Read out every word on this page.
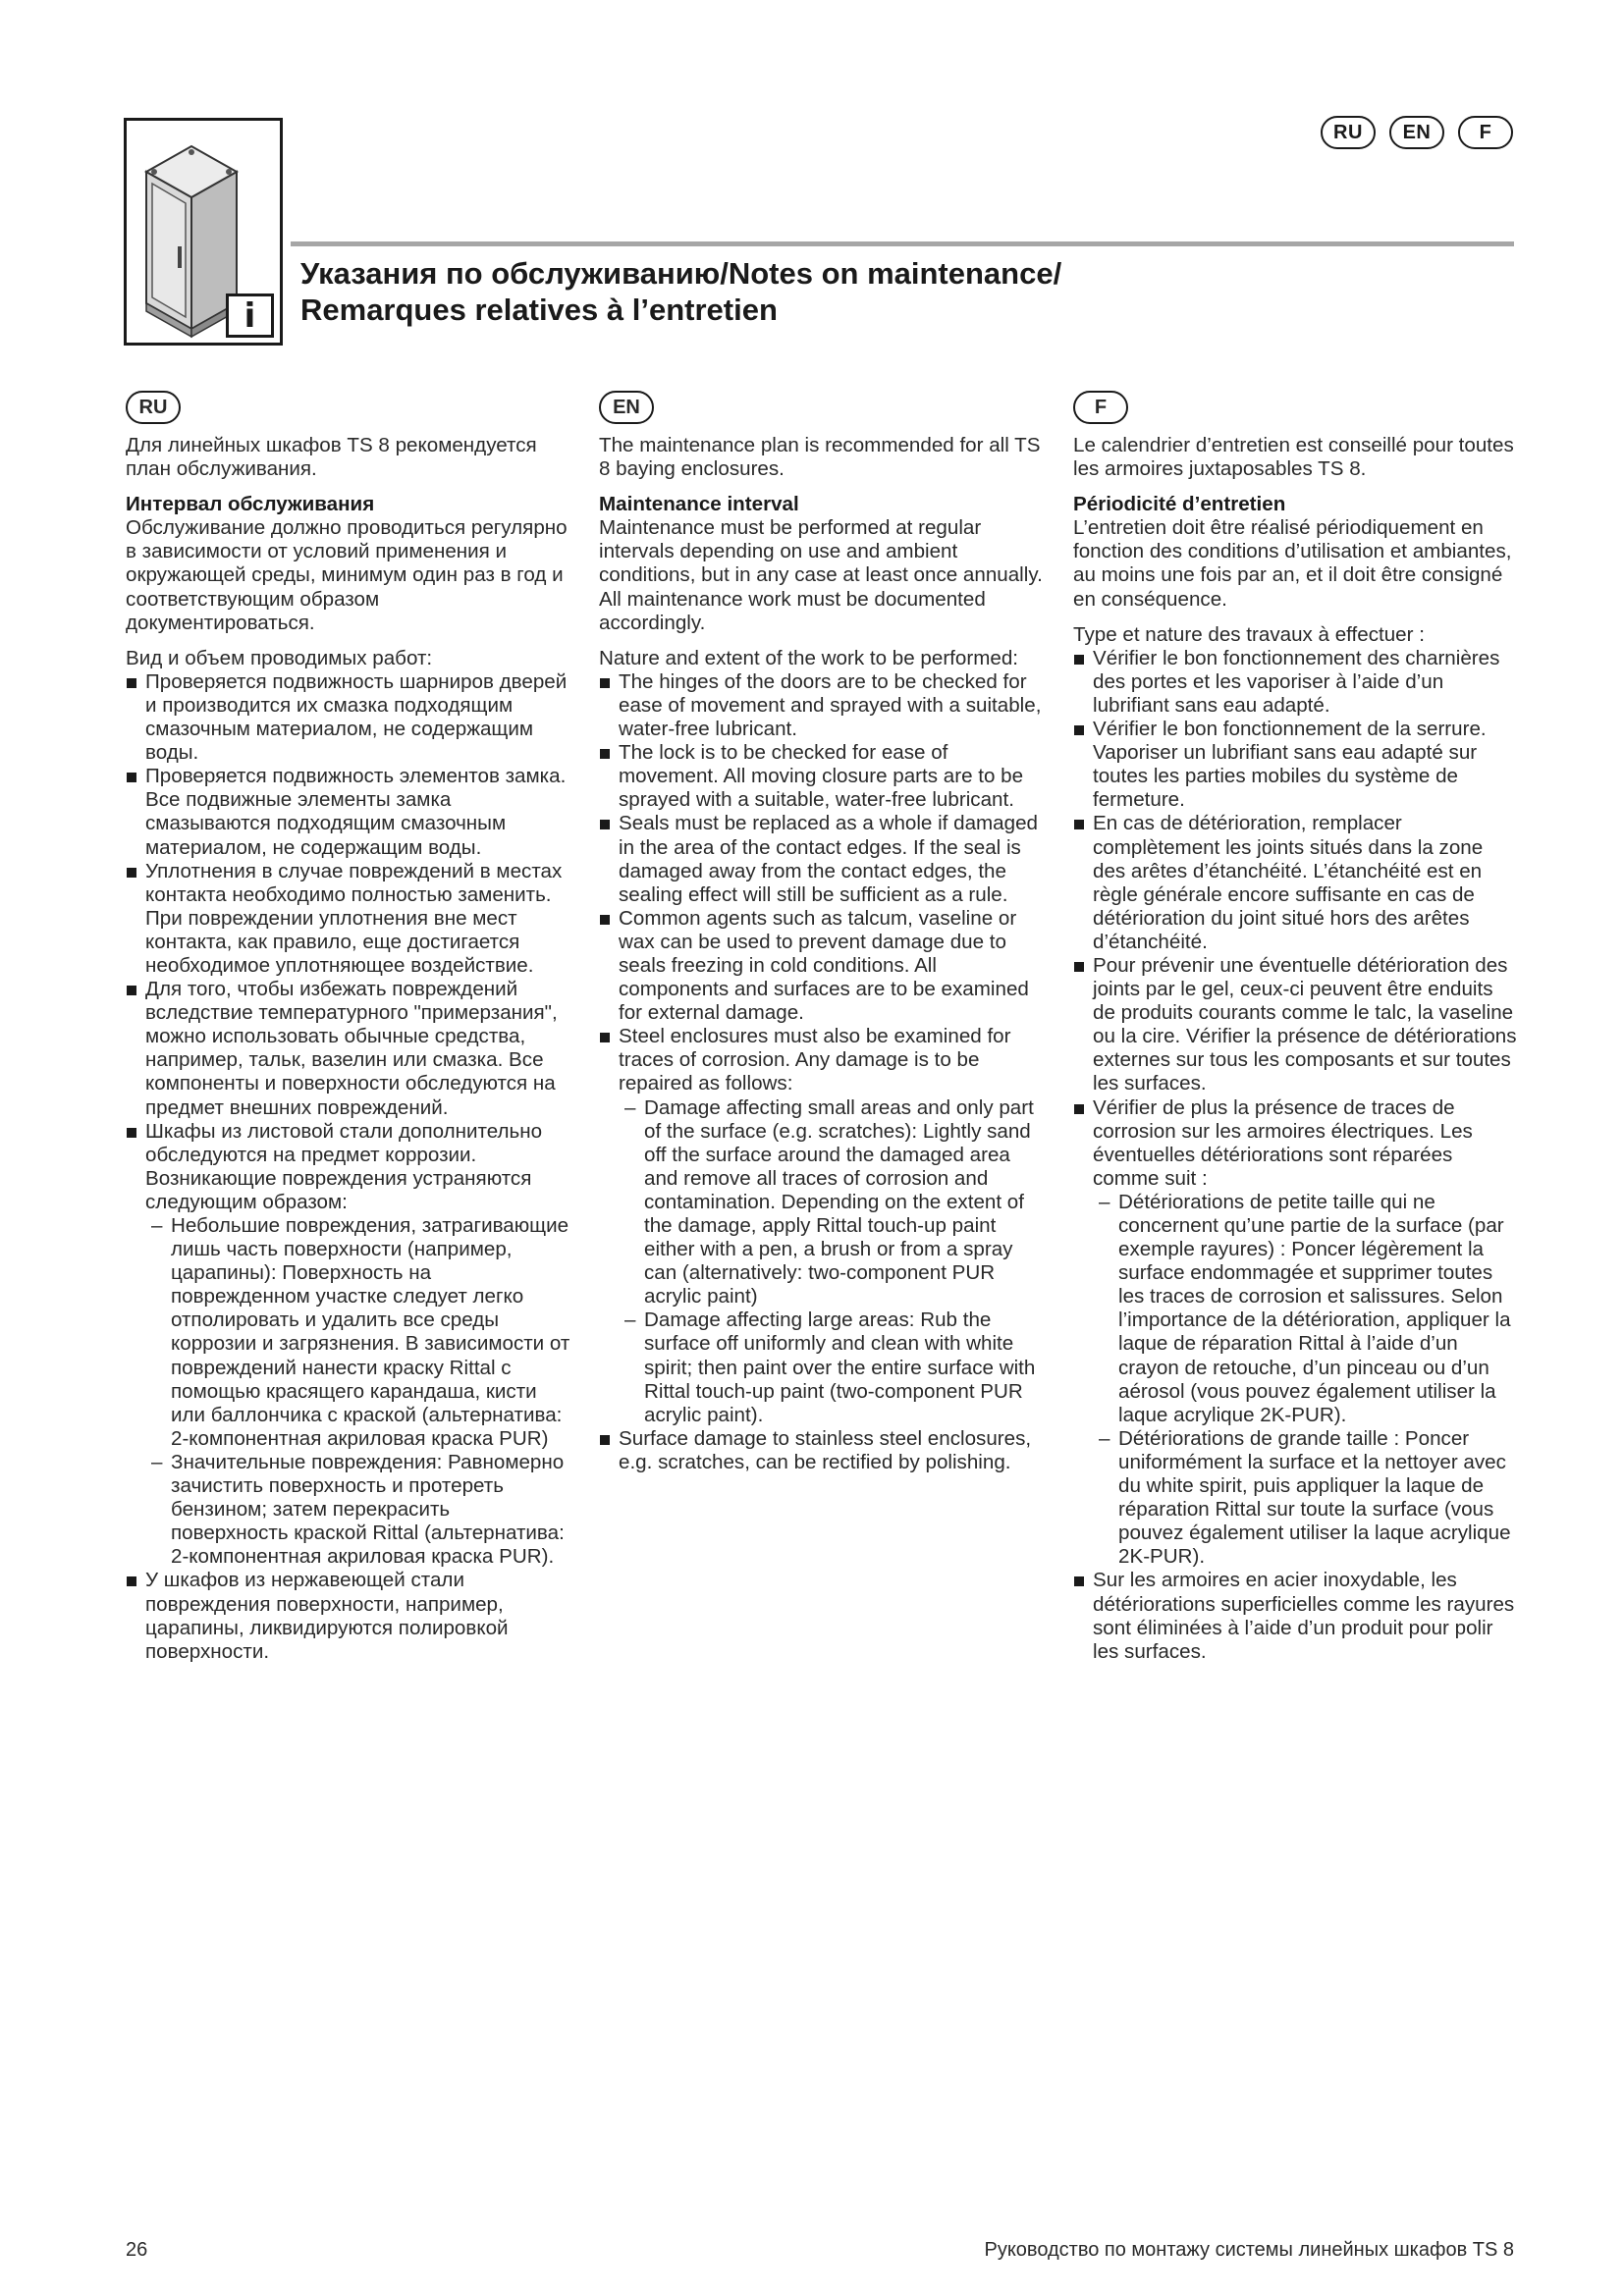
RU	EN	F
i
Указания по обслуживанию/Notes on maintenance/
Remarques relatives à l’entretien
RU

Для линейных шкафов TS 8 рекомендуется план обслуживания.

Интервал обслуживания

Обслуживание должно проводиться регулярно в зависимости от условий применения и окружающей среды, минимум один раз в год и соответствующим образом документироваться.

Вид и объем проводимых работ:

Проверяется подвижность шарниров дверей и производится их смазка подходящим смазочным материалом, не содержащим воды.
Проверяется подвижность элементов замка. Все подвижные элементы замка смазываются подходящим смазочным материалом, не содержащим воды.
Уплотнения в случае повреждений в местах контакта необходимо полностью заменить. При повреждении уплотнения вне мест контакта, как правило, еще достигается необходимое уплотняющее воздействие.
Для того, чтобы избежать повреждений вследствие температурного "примерзания", можно использовать обычные средства, например, тальк, вазелин или смазка. Все компоненты и поверхности обследуются на предмет внешних повреждений.
Шкафы из листовой стали дополнительно обследуются на предмет коррозии. Возникающие повреждения устраняются следующим образом:
– Небольшие повреждения, затрагивающие лишь часть поверхности (например, царапины): Поверхность на поврежденном участке следует легко отполировать и удалить все среды коррозии и загрязнения. В зависимости от повреждений нанести краску Rittal с помощью красящего карандаша, кисти или баллончика с краской (альтернатива: 2-компонентная акриловая краска PUR)
– Значительные повреждения: Равномерно зачистить поверхность и протереть бензином; затем перекрасить поверхность краской Rittal (альтернатива: 2-компонентная акриловая краска PUR).
У шкафов из нержавеющей стали повреждения поверхности, например, царапины, ликвидируются полировкой поверхности.
EN

The maintenance plan is recommended for all TS 8 baying enclosures.

Maintenance interval

Maintenance must be performed at regular intervals depending on use and ambient conditions, but in any case at least once annually. All maintenance work must be documented accordingly.

Nature and extent of the work to be performed:

The hinges of the doors are to be checked for ease of movement and sprayed with a suitable, water-free lubricant.
The lock is to be checked for ease of movement. All moving closure parts are to be sprayed with a suitable, water-free lubricant.
Seals must be replaced as a whole if damaged in the area of the contact edges. If the seal is damaged away from the contact edges, the sealing effect will still be sufficient as a rule.
Common agents such as talcum, vaseline or wax can be used to prevent damage due to seals freezing in cold conditions. All components and surfaces are to be examined for external damage.
Steel enclosures must also be examined for traces of corrosion. Any damage is to be repaired as follows:
– Damage affecting small areas and only part of the surface (e.g. scratches): Lightly sand off the surface around the damaged area and remove all traces of corrosion and contamination. Depending on the extent of the damage, apply Rittal touch-up paint either with a pen, a brush or from a spray can (alternatively: two-component PUR acrylic paint)
– Damage affecting large areas: Rub the surface off uniformly and clean with white spirit; then paint over the entire surface with Rittal touch-up paint (two-component PUR acrylic paint).
Surface damage to stainless steel enclosures, e.g. scratches, can be rectified by polishing.
F

Le calendrier d’entretien est conseillé pour toutes les armoires juxtaposables TS 8.

Périodicité d’entretien

L’entretien doit être réalisé périodiquement en fonction des conditions d’utilisation et ambiantes, au moins une fois par an, et il doit être consigné en conséquence.

Type et nature des travaux à effectuer :

Vérifier le bon fonctionnement des charnières des portes et les vaporiser à l’aide d’un lubrifiant sans eau adapté.
Vérifier le bon fonctionnement de la serrure. Vaporiser un lubrifiant sans eau adapté sur toutes les parties mobiles du système de fermeture.
En cas de détérioration, remplacer complètement les joints situés dans la zone des arêtes d’étanchéité. L’étanchéité est en règle générale encore suffisante en cas de détérioration du joint situé hors des arêtes d’étanchéité.
Pour prévenir une éventuelle détérioration des joints par le gel, ceux-ci peuvent être enduits de produits courants comme le talc, la vaseline ou la cire. Vérifier la présence de détériorations externes sur tous les composants et sur toutes les surfaces.
Vérifier de plus la présence de traces de corrosion sur les armoires électriques. Les éventuelles détériorations sont réparées comme suit :
– Détériorations de petite taille qui ne concernent qu’une partie de la surface (par exemple rayures) : Poncer légèrement la surface endommagée et supprimer toutes les traces de corrosion et salissures. Selon l’importance de la détérioration, appliquer la laque de réparation Rittal à l’aide d’un crayon de retouche, d’un pinceau ou d’un aérosol (vous pouvez également utiliser la laque acrylique 2K-PUR).
– Détériorations de grande taille : Poncer uniformément la surface et la nettoyer avec du white spirit, puis appliquer la laque de réparation Rittal sur toute la surface (vous pouvez également utiliser la laque acrylique 2K-PUR).
Sur les armoires en acier inoxydable, les détériorations superficielles comme les rayures sont éliminées à l’aide d’un produit pour polir les surfaces.
26	Руководство по монтажу системы линейных шкафов TS 8
